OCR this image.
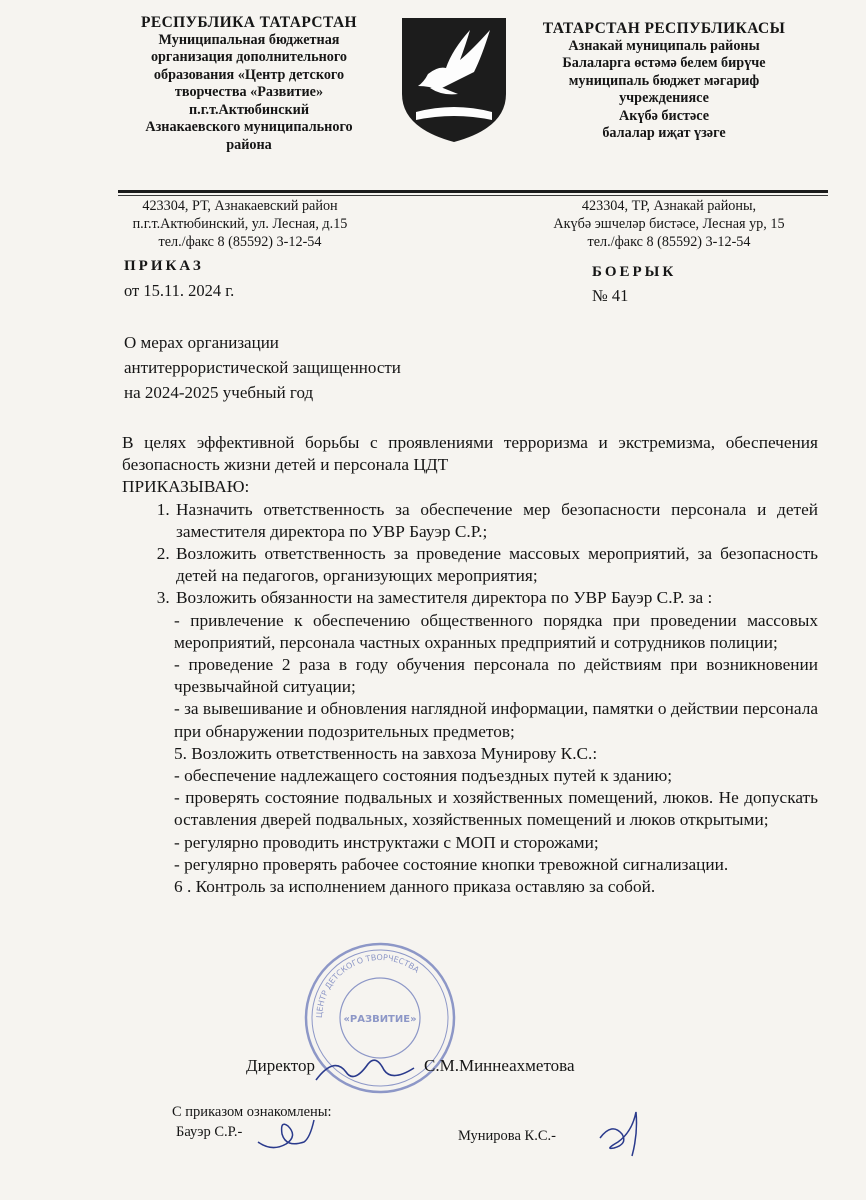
РЕСПУБЛИКА ТАТАРСТАН
Муниципальная бюджетная
организация дополнительного
образования «Центр детского
творчества «Развитие»
п.г.т.Актюбинский
Азнакаевского муниципального
района
ТАТАРСТАН РЕСПУБЛИКАСЫ
Азнакай муниципаль районы
Балаларга өстәмә белем бирүче
муниципаль бюджет мәгариф
учреждениясе
Акүбә бистәсе
балалар иҗат үзәге
423304, РТ, Азнакаевский район
п.г.т.Актюбинский, ул. Лесная, д.15
тел./факс 8 (85592) 3-12-54
423304, ТР, Азнакай районы,
Акүбә эшчеләр бистәсе, Лесная ур, 15
тел./факс 8 (85592) 3-12-54
ПРИКАЗ
от 15.11. 2024 г.
БОЕРЫК
№ 41
О мерах организации
антитеррористической защищенности
на 2024-2025 учебный год

В целях эффективной борьбы с проявлениями терроризма и экстремизма, обеспечения безопасность жизни детей и персонала ЦДТ

ПРИКАЗЫВАЮ:

1. Назначить ответственность за обеспечение мер безопасности персонала и детей заместителя директора по УВР Бауэр С.Р.;
2. Возложить ответственность за проведение массовых мероприятий, за безопасность детей на педагогов, организующих мероприятия;
3. Возложить обязанности на заместителя директора по УВР Бауэр С.Р. за :

- привлечение к обеспечению общественного порядка при проведении массовых мероприятий, персонала частных охранных предприятий и сотрудников полиции;

- проведение 2 раза в году обучения персонала по действиям при возникновении чрезвычайной ситуации;

- за вывешивание и обновления наглядной информации, памятки о действии персонала при обнаружении подозрительных предметов;

5. Возложить ответственность на завхоза Мунирову К.С.:

- обеспечение надлежащего состояния подъездных путей к зданию;

- проверять состояние подвальных и хозяйственных помещений, люков. Не допускать оставления дверей подвальных, хозяйственных помещений и люков открытыми;

- регулярно проводить инструктажи с МОП и сторожами;

- регулярно проверять рабочее состояние кнопки тревожной сигнализации.

6 . Контроль за исполнением данного приказа оставляю за собой.

ЦЕНТР ДЕТСКОГО ТВОРЧЕСТВА
«РАЗВИТИЕ»
Директор	С.М.Миннеахметова
С приказом ознакомлены:
Бауэр С.Р.-	Мунирова К.С.-
